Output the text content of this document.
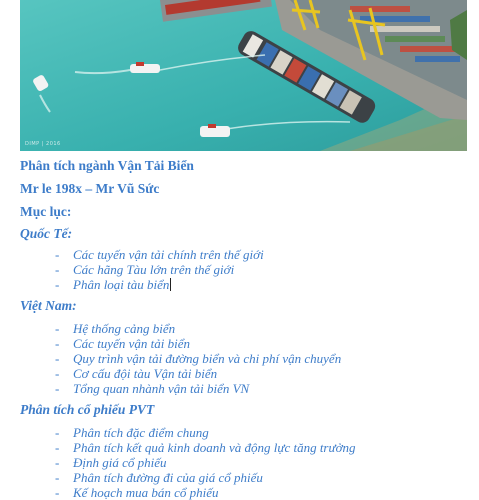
DIMP | 2016

Phân tích ngành Vận Tải Biển

Mr le 198x – Mr Vũ Sức

Mục lục:

Quốc Tế:

- Các tuyến vận tải chính trên thế giới
- Các hãng Tàu lớn trên thế giới
- Phân loại tàu biển

Việt Nam:

- Hệ thống cảng biển
- Các tuyến vận tải biển
- Quy trình vận tải đường biển và chi phí vận chuyển
- Cơ cấu đội tàu Vận tải biển
- Tổng quan nhành vận tải biển VN

Phân tích cổ phiếu PVT

- Phân tích đặc điểm chung
- Phân tích kết quả kinh doanh và động lực tăng trưởng
- Định giá cổ phiếu
- Phân tích đường đi của giá cổ phiếu
- Kế hoạch mua bán cổ phiếu
